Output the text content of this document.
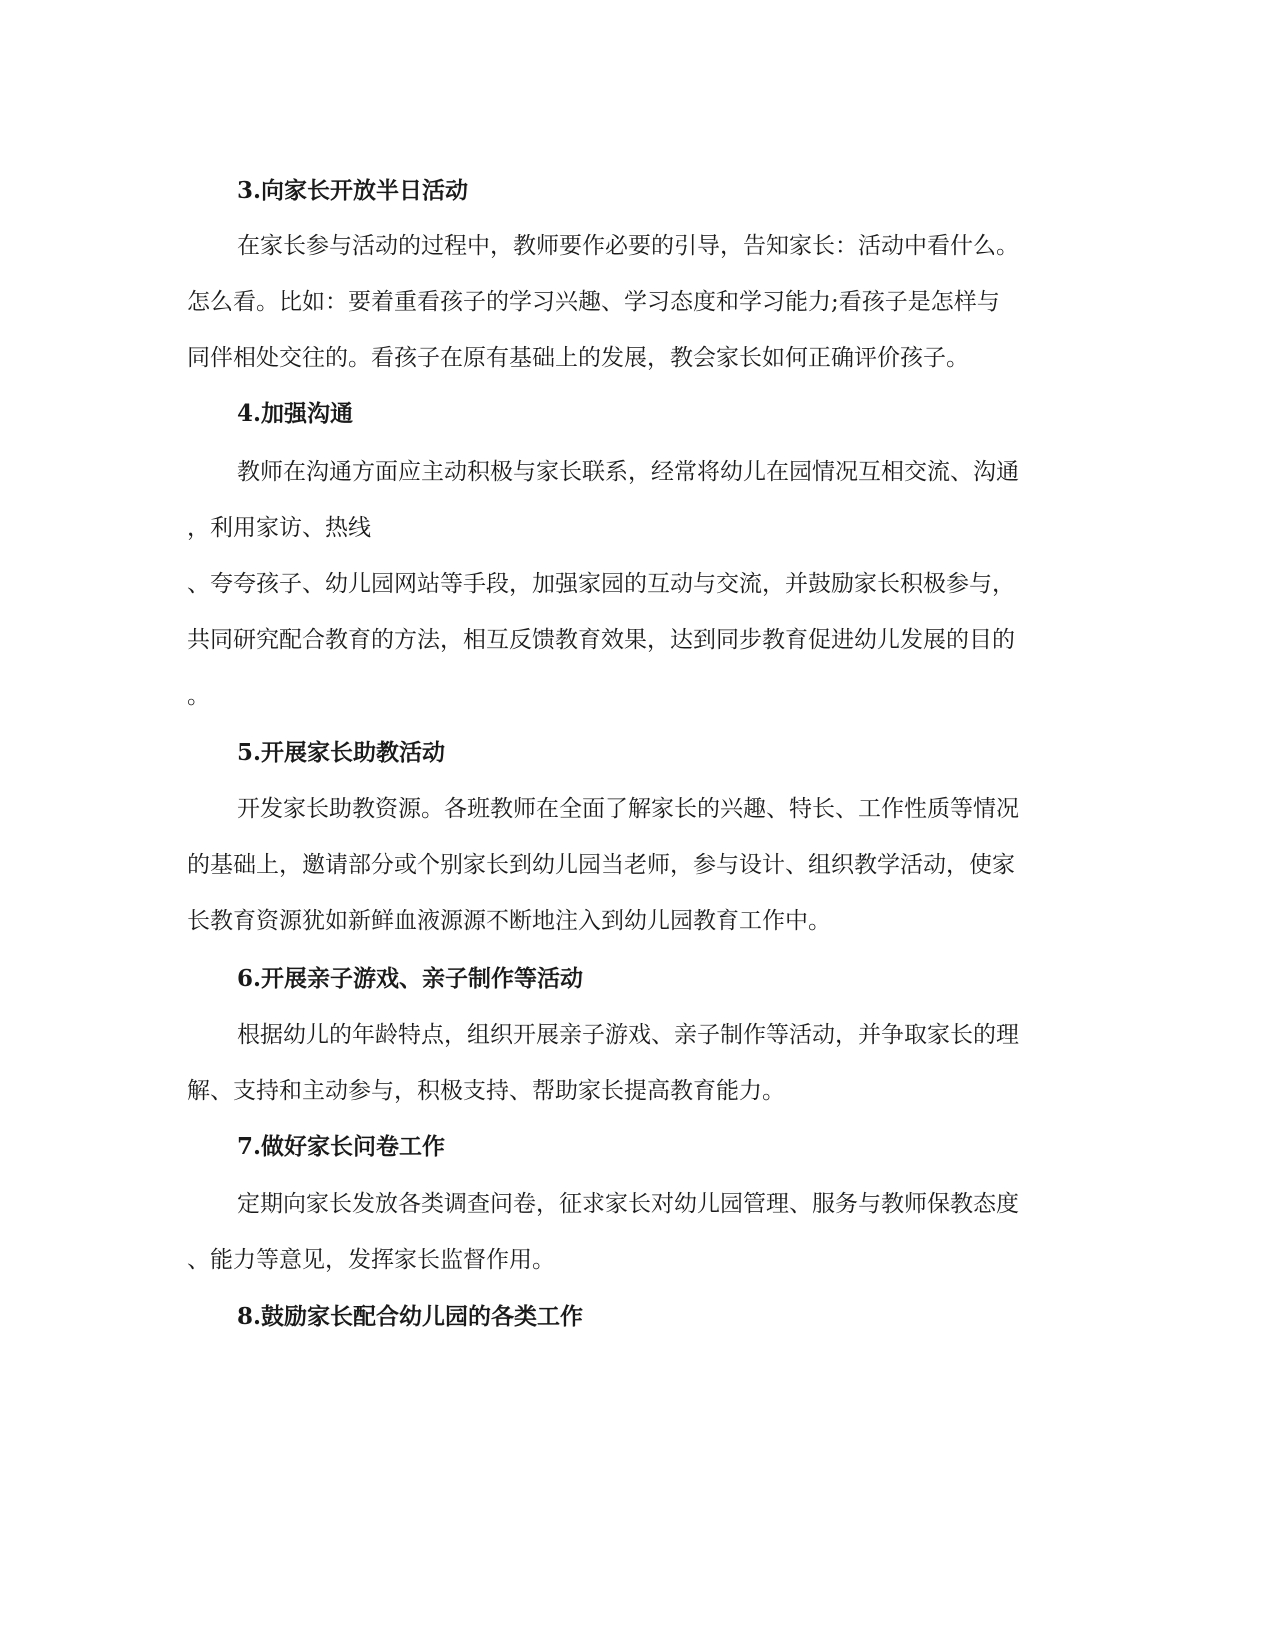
3.向家长开放半日活动

在家长参与活动的过程中，教师要作必要的引导，告知家长：活动中看什么。

怎么看。比如：要着重看孩子的学习兴趣、学习态度和学习能力;看孩子是怎样与

同伴相处交往的。看孩子在原有基础上的发展，教会家长如何正确评价孩子。

4.加强沟通

教师在沟通方面应主动积极与家长联系，经常将幼儿在园情况互相交流、沟通

，利用家访、热线

、夸夸孩子、幼儿园网站等手段，加强家园的互动与交流，并鼓励家长积极参与，

共同研究配合教育的方法，相互反馈教育效果，达到同步教育促进幼儿发展的目的

。

5.开展家长助教活动

开发家长助教资源。各班教师在全面了解家长的兴趣、特长、工作性质等情况

的基础上，邀请部分或个别家长到幼儿园当老师，参与设计、组织教学活动，使家

长教育资源犹如新鲜血液源源不断地注入到幼儿园教育工作中。

6.开展亲子游戏、亲子制作等活动

根据幼儿的年龄特点，组织开展亲子游戏、亲子制作等活动，并争取家长的理

解、支持和主动参与，积极支持、帮助家长提高教育能力。

7.做好家长问卷工作

定期向家长发放各类调查问卷，征求家长对幼儿园管理、服务与教师保教态度

、能力等意见，发挥家长监督作用。

8.鼓励家长配合幼儿园的各类工作
